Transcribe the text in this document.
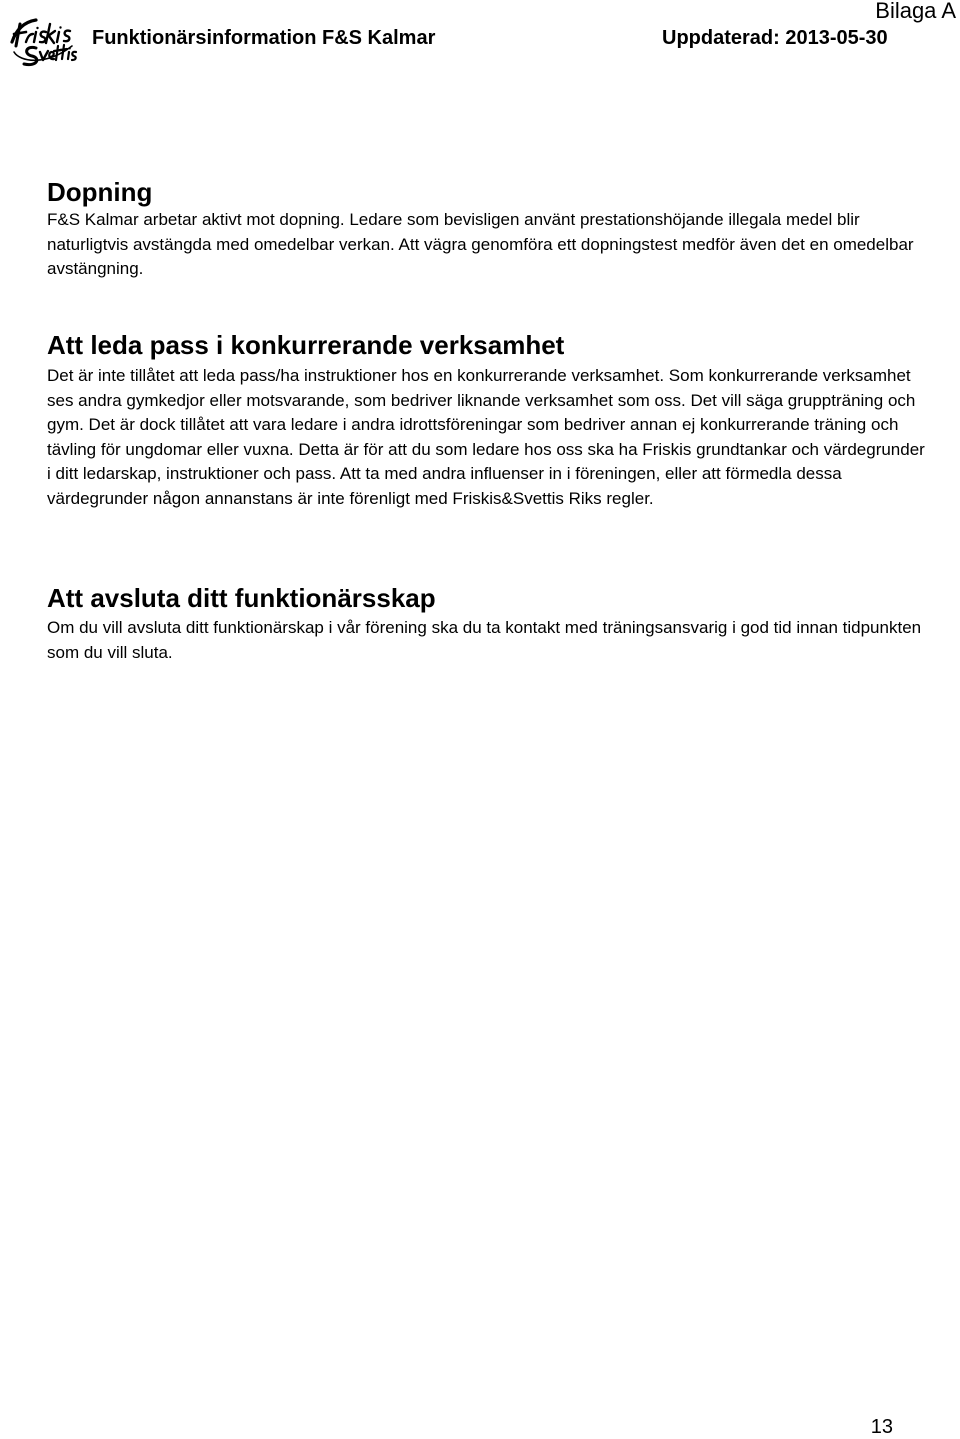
Funktionärsinformation F&S Kalmar	Uppdaterad: 2013-05-30
Bilaga A
Dopning

F&S Kalmar arbetar aktivt mot dopning. Ledare som bevisligen använt prestationshöjande illegala medel blir naturligtvis avstängda med omedelbar verkan. Att vägra genomföra ett dopningstest medför även det en omedelbar avstängning.

Att leda pass i konkurrerande verksamhet

Det är inte tillåtet att leda pass/ha instruktioner hos en konkurrerande verksamhet. Som konkurrerande verksamhet ses andra gymkedjor eller motsvarande, som bedriver liknande verksamhet som oss. Det vill säga gruppträning och gym. Det är dock tillåtet att vara ledare i andra idrottsföreningar som bedriver annan ej konkurrerande träning och tävling för ungdomar eller vuxna. Detta är för att du som ledare hos oss ska ha Friskis grundtankar och värdegrunder i ditt ledarskap, instruktioner och pass. Att ta med andra influenser in i föreningen, eller att förmedla dessa värdegrunder någon annanstans är inte förenligt med Friskis&Svettis Riks regler.

Att avsluta ditt funktionärsskap

Om du vill avsluta ditt funktionärskap i vår förening ska du ta kontakt med träningsansvarig i god tid innan tidpunkten som du vill sluta.

13
